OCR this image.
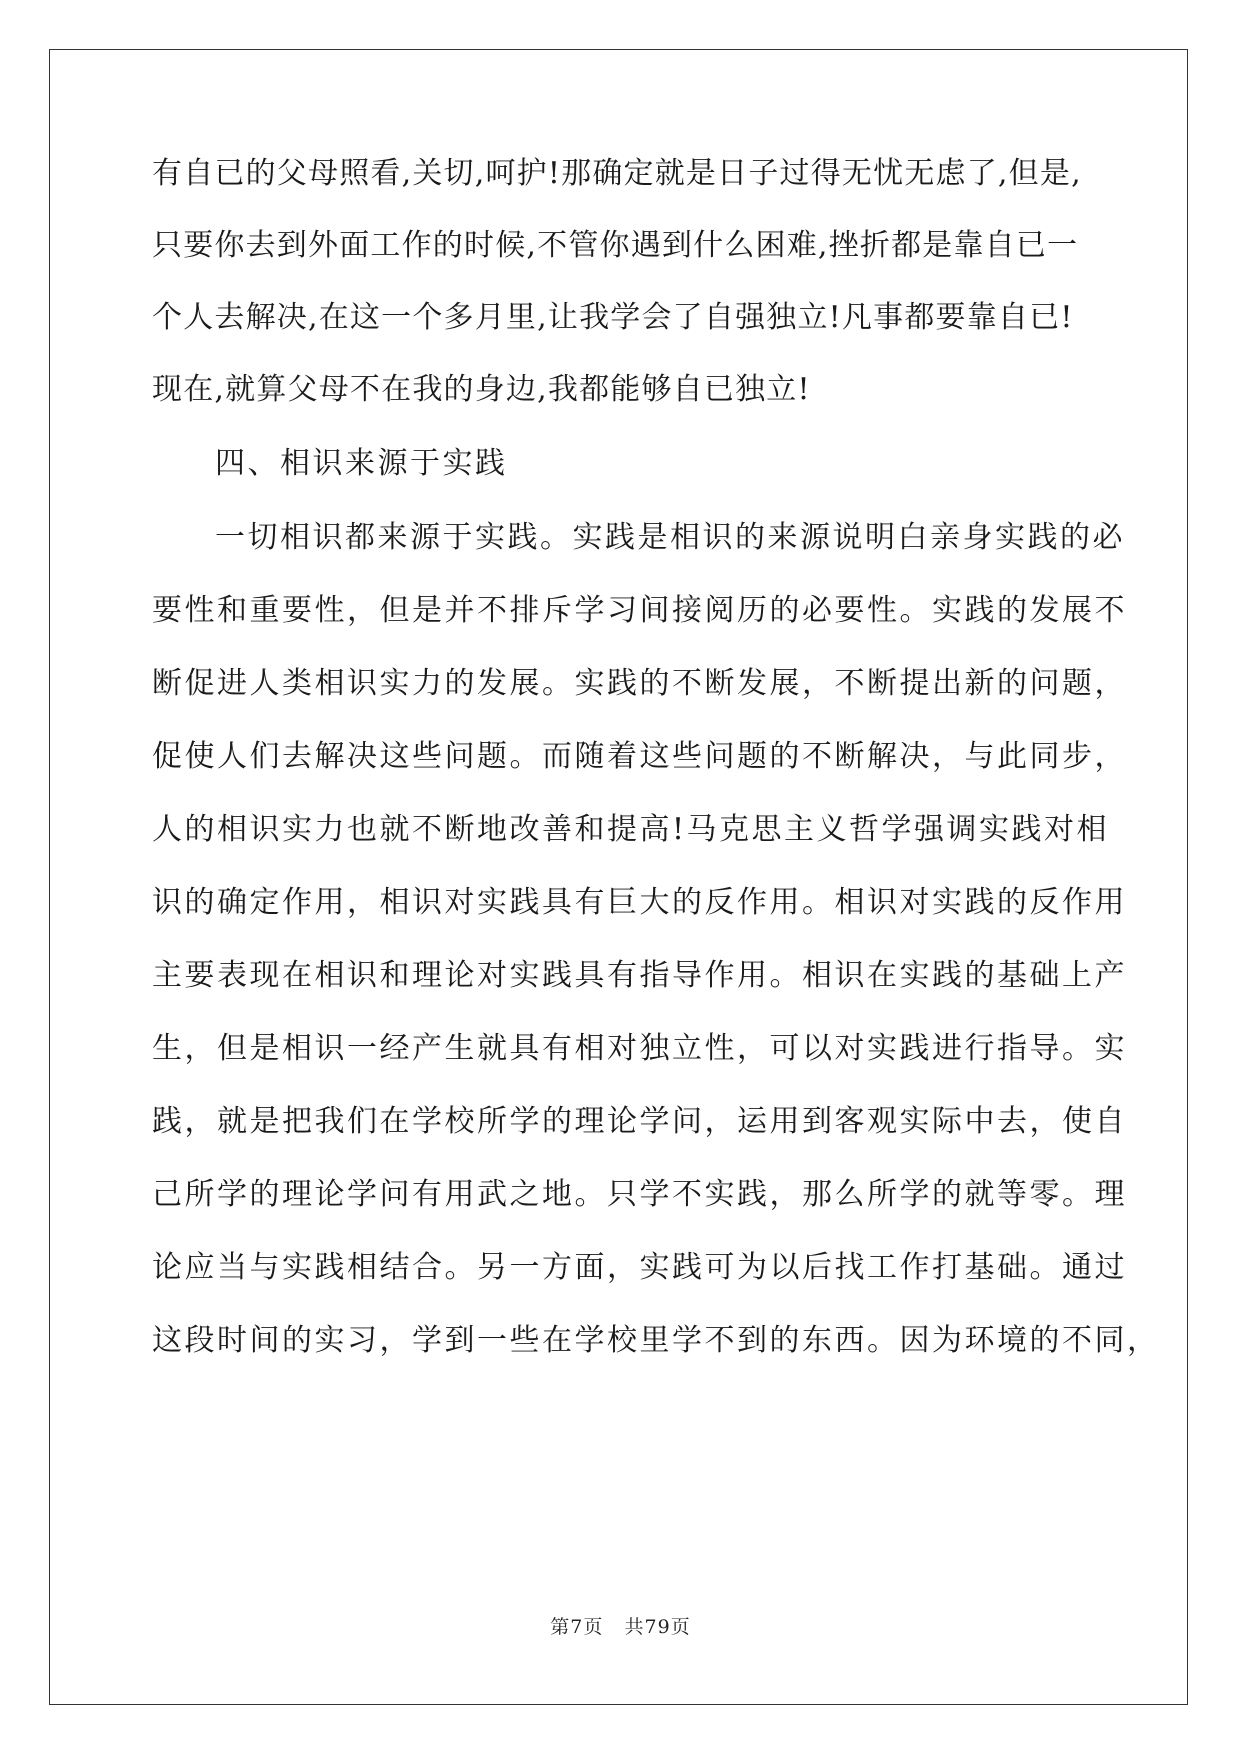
有自已的父母照看,关切,呵护!那确定就是日子过得无忧无虑了,但是,
只要你去到外面工作的时候,不管你遇到什么困难,挫折都是靠自已一
个人去解决,在这一个多月里,让我学会了自强独立!凡事都要靠自已!
现在,就算父母不在我的身边,我都能够自已独立!
四、相识来源于实践
一切相识都来源于实践。实践是相识的来源说明白亲身实践的必
要性和重要性，但是并不排斥学习间接阅历的必要性。实践的发展不
断促进人类相识实力的发展。实践的不断发展，不断提出新的问题，
促使人们去解决这些问题。而随着这些问题的不断解决，与此同步，
人的相识实力也就不断地改善和提高!马克思主义哲学强调实践对相
识的确定作用，相识对实践具有巨大的反作用。相识对实践的反作用
主要表现在相识和理论对实践具有指导作用。相识在实践的基础上产
生，但是相识一经产生就具有相对独立性，可以对实践进行指导。实
践，就是把我们在学校所学的理论学问，运用到客观实际中去，使自
己所学的理论学问有用武之地。只学不实践，那么所学的就等零。理
论应当与实践相结合。另一方面，实践可为以后找工作打基础。通过
这段时间的实习，学到一些在学校里学不到的东西。因为环境的不同，
第7页 共79页
